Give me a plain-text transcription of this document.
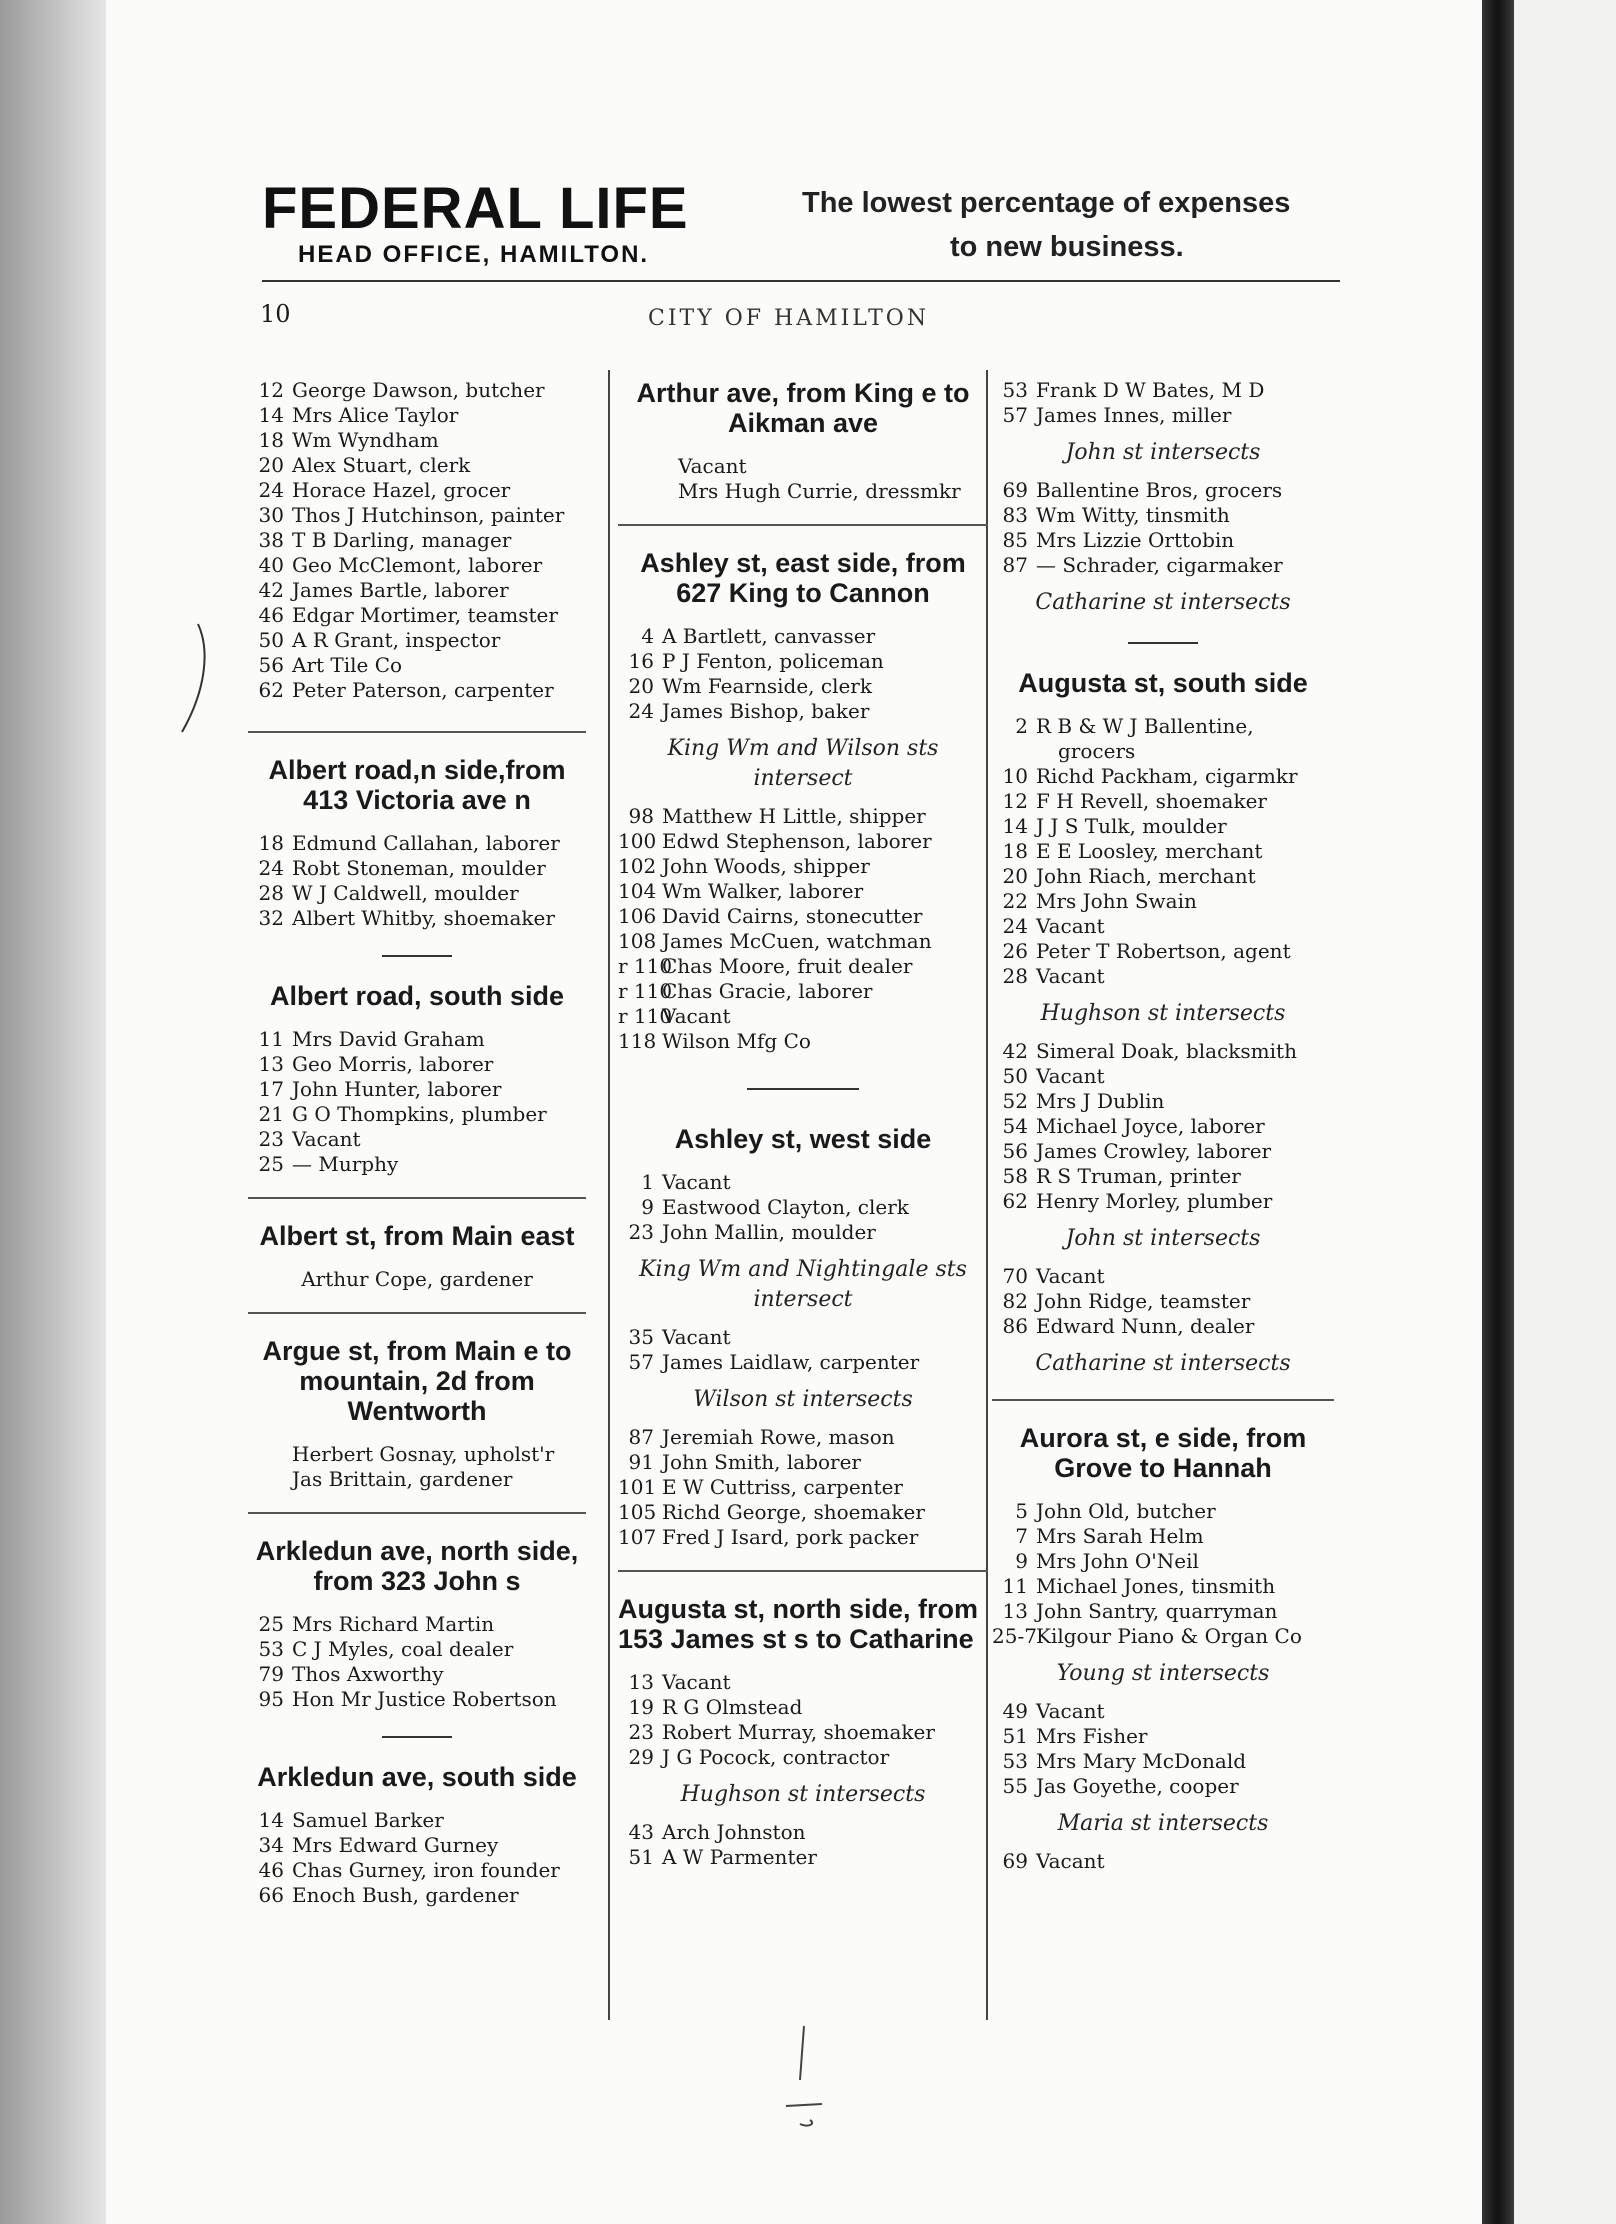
FEDERAL LIFE
HEAD OFFICE, HAMILTON.
The lowest percentage of expenses
to new business.
10	CITY OF HAMILTON
12 George Dawson, butcher
14 Mrs Alice Taylor
18 Wm Wyndham
20 Alex Stuart, clerk
24 Horace Hazel, grocer
30 Thos J Hutchinson, painter
38 T B Darling, manager
40 Geo McClemont, laborer
42 James Bartle, laborer
46 Edgar Mortimer, teamster
50 A R Grant, inspector
56 Art Tile Co
62 Peter Paterson, carpenter
Albert road,n side,from 413 Victoria ave n
18 Edmund Callahan, laborer
24 Robt Stoneman, moulder
28 W J Caldwell, moulder
32 Albert Whitby, shoemaker
Albert road, south side
11 Mrs David Graham
13 Geo Morris, laborer
17 John Hunter, laborer
21 G O Thompkins, plumber
23 Vacant
25 — Murphy
Albert st, from Main east
Arthur Cope, gardener
Argue st, from Main e to mountain, 2d from Wentworth
Herbert Gosnay, upholst'r
Jas Brittain, gardener
Arkledun ave, north side, from 323 John s
25 Mrs Richard Martin
53 C J Myles, coal dealer
79 Thos Axworthy
95 Hon Mr Justice Robertson
Arkledun ave, south side
14 Samuel Barker
34 Mrs Edward Gurney
46 Chas Gurney, iron founder
66 Enoch Bush, gardener
Arthur ave, from King e to Aikman ave
Vacant
Mrs Hugh Currie, dressmkr
Ashley st, east side, from 627 King to Cannon
4 A Bartlett, canvasser
16 P J Fenton, policeman
20 Wm Fearnside, clerk
24 James Bishop, baker
King Wm and Wilson sts intersect
98 Matthew H Little, shipper
100 Edwd Stephenson, laborer
102 John Woods, shipper
104 Wm Walker, laborer
106 David Cairns, stonecutter
108 James McCuen, watchman
r 110Chas Moore, fruit dealer
r 110Chas Gracie, laborer
r 110Vacant
118 Wilson Mfg Co
Ashley st, west side
1 Vacant
9 Eastwood Clayton, clerk
23 John Mallin, moulder
King Wm and Nightingale sts intersect
35 Vacant
57 James Laidlaw, carpenter
Wilson st intersects
87 Jeremiah Rowe, mason
91 John Smith, laborer
101 E W Cuttriss, carpenter
105 Richd George, shoemaker
107 Fred J Isard, pork packer
Augusta st, north side, from 153 James st s to Catharine
13 Vacant
19 R G Olmstead
23 Robert Murray, shoemaker
29 J G Pocock, contractor
Hughson st intersects
43 Arch Johnston
51 A W Parmenter
53 Frank D W Bates, M D
57 James Innes, miller
John st intersects
69 Ballentine Bros, grocers
83 Wm Witty, tinsmith
85 Mrs Lizzie Orttobin
87 — Schrader, cigarmaker
Catharine st intersects
Augusta st, south side
2 R B & W J Ballentine,
grocers
10 Richd Packham, cigarmkr
12 F H Revell, shoemaker
14 J J S Tulk, moulder
18 E E Loosley, merchant
20 John Riach, merchant
22 Mrs John Swain
24 Vacant
26 Peter T Robertson, agent
28 Vacant
Hughson st intersects
42 Simeral Doak, blacksmith
50 Vacant
52 Mrs J Dublin
54 Michael Joyce, laborer
56 James Crowley, laborer
58 R S Truman, printer
62 Henry Morley, plumber
John st intersects
70 Vacant
82 John Ridge, teamster
86 Edward Nunn, dealer
Catharine st intersects
Aurora st, e side, from Grove to Hannah
5 John Old, butcher
7 Mrs Sarah Helm
9 Mrs John O'Neil
11 Michael Jones, tinsmith
13 John Santry, quarryman
25-7Kilgour Piano & Organ Co
Young st intersects
49 Vacant
51 Mrs Fisher
53 Mrs Mary McDonald
55 Jas Goyethe, cooper
Maria st intersects
69 Vacant
